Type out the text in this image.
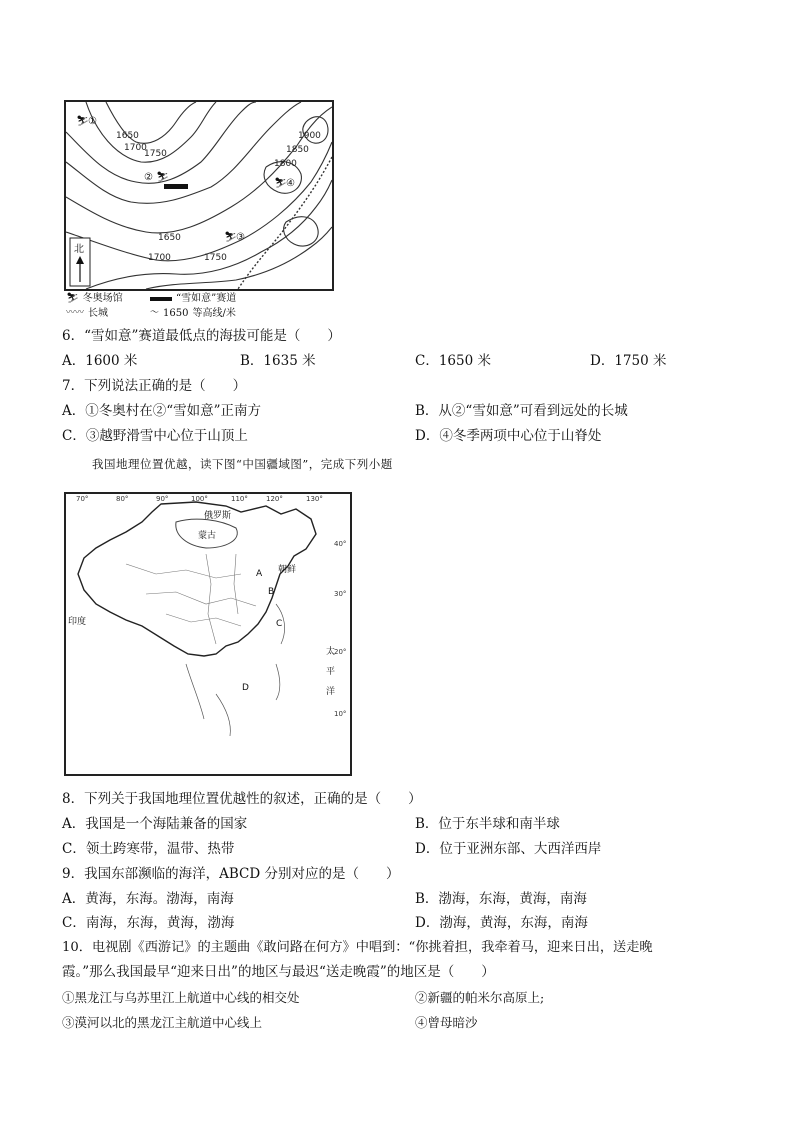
1650
1700
1750
1900
1850
1800
1650
1700	1750
⛷ ①
② ⛷
⛷ ④
⛷ ③
北
⛷ 冬奥场馆	“雪如意”赛道
〰〰 长城	〜 1650 等高线/米
6．“雪如意”赛道最低点的海拔可能是（　　）
A．1600 米	B．1635 米	C．1650 米	D．1750 米
7．下列说法正确的是（　　）
A．①冬奥村在②“雪如意”正南方	B．从②“雪如意”可看到远处的长城
C．③越野滑雪中心位于山顶上	D．④冬季两项中心位于山脊处
我国地理位置优越，读下图“中国疆域图”，完成下列小题
70°	80°	90°	100°	110°	120°	130°
40°
30°
20°
10°
俄罗斯
蒙古
A 朝鲜
B
C
D
印度
太
平
洋
8．下列关于我国地理位置优越性的叙述，正确的是（　　）
A．我国是一个海陆兼备的国家	B．位于东半球和南半球
C．领土跨寒带，温带、热带	D．位于亚洲东部、大西洋西岸
9．我国东部濒临的海洋，ABCD 分别对应的是（　　）
A．黄海，东海。渤海，南海	B．渤海，东海，黄海，南海
C．南海，东海，黄海，渤海	D．渤海，黄海，东海，南海
10．电视剧《西游记》的主题曲《敢问路在何方》中唱到：“你挑着担，我牵着马，迎来日出，送走晚
霞。”那么我国最早“迎来日出”的地区与最迟“送走晚霞”的地区是（　　）
①黑龙江与乌苏里江上航道中心线的相交处	②新疆的帕米尔高原上;
③漠河以北的黑龙江主航道中心线上	④曾母暗沙
